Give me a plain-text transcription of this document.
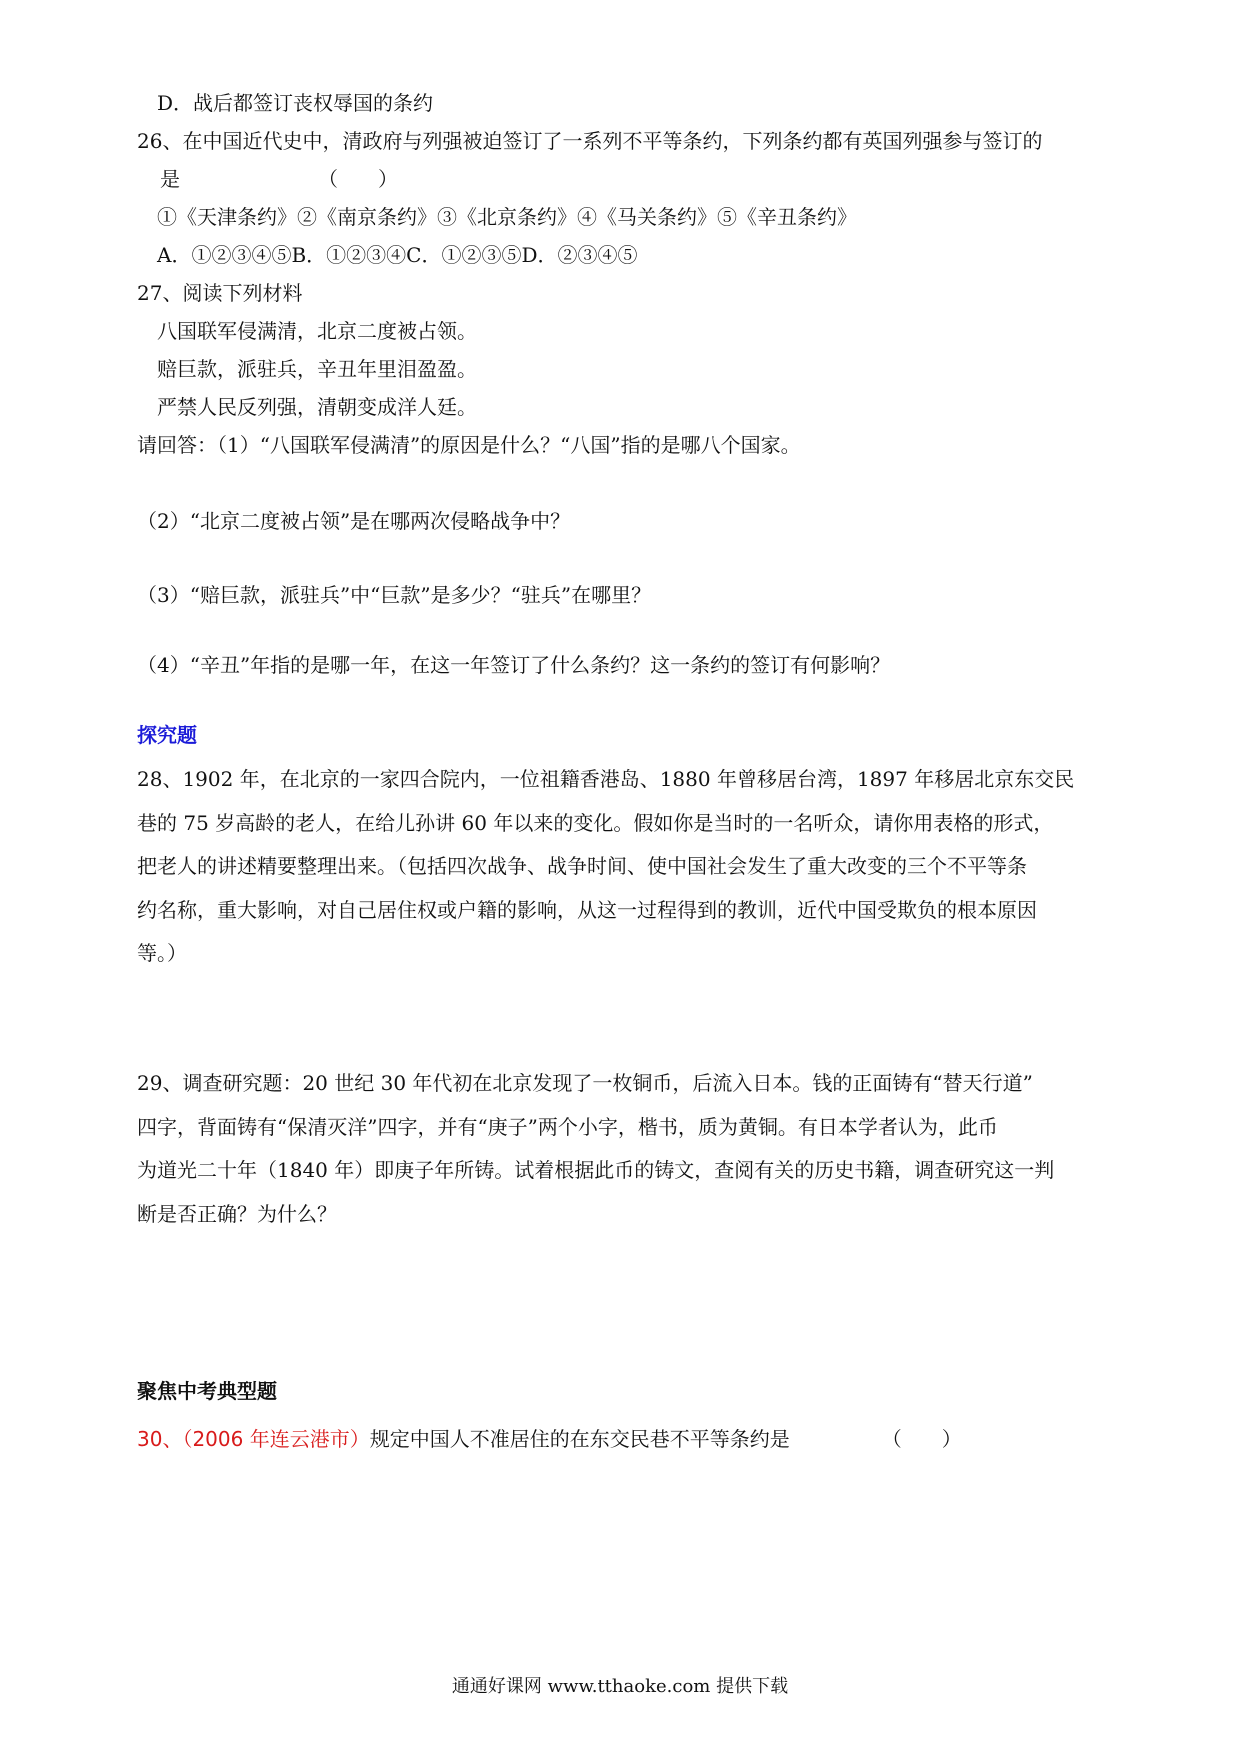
D．战后都签订丧权辱国的条约
26、在中国近代史中，清政府与列强被迫签订了一系列不平等条约，下列条约都有英国列强参与签订的
是	（　　）
①《天津条约》②《南京条约》③《北京条约》④《马关条约》⑤《辛丑条约》
A．①②③④⑤B．①②③④C．①②③⑤D．②③④⑤
27、阅读下列材料
八国联军侵满清，北京二度被占领。
赔巨款，派驻兵，辛丑年里泪盈盈。
严禁人民反列强，清朝变成洋人廷。
请回答：（1）“八国联军侵满清”的原因是什么？“八国”指的是哪八个国家。
（2）“北京二度被占领”是在哪两次侵略战争中？
（3）“赔巨款，派驻兵”中“巨款”是多少？“驻兵”在哪里？
（4）“辛丑”年指的是哪一年，在这一年签订了什么条约？这一条约的签订有何影响？
探究题
28、1902 年，在北京的一家四合院内，一位祖籍香港岛、1880 年曾移居台湾，1897 年移居北京东交民
巷的 75 岁高龄的老人，在给儿孙讲 60 年以来的变化。假如你是当时的一名听众，请你用表格的形式，
把老人的讲述精要整理出来。（包括四次战争、战争时间、使中国社会发生了重大改变的三个不平等条
约名称，重大影响，对自己居住权或户籍的影响，从这一过程得到的教训，近代中国受欺负的根本原因
等。）
29、调查研究题：20 世纪 30 年代初在北京发现了一枚铜币，后流入日本。钱的正面铸有“替天行道”
四字，背面铸有“保清灭洋”四字，并有“庚子”两个小字，楷书，质为黄铜。有日本学者认为，此币
为道光二十年（1840 年）即庚子年所铸。试着根据此币的铸文，查阅有关的历史书籍，调查研究这一判
断是否正确？为什么？
聚焦中考典型题
30、（2006 年连云港市）规定中国人不准居住的在东交民巷不平等条约是	（　　）
通通好课网 www.tthaoke.com 提供下载
